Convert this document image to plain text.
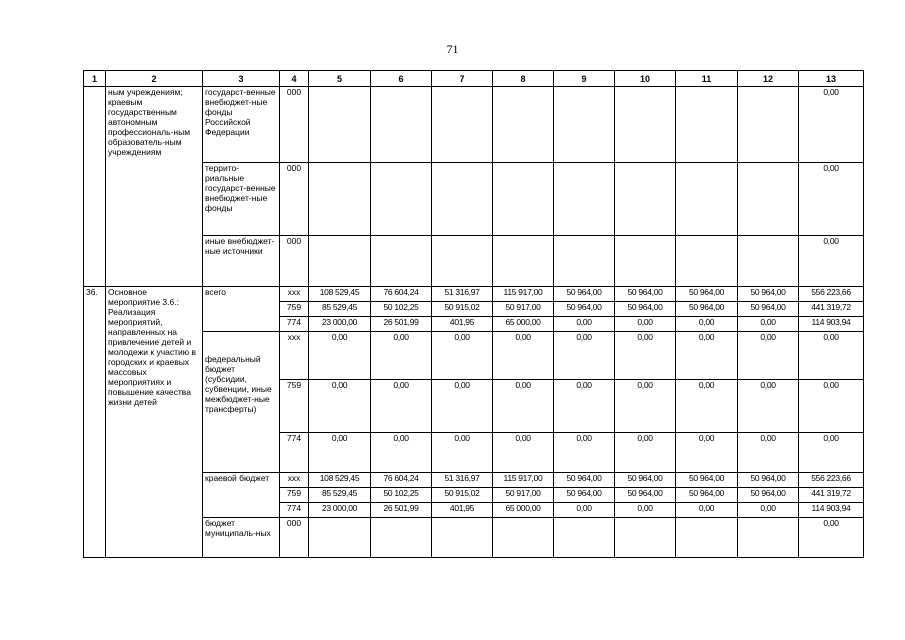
71
1	2	3	4	5	6	7	8	9	10	11	12	13
	ным учреждениям; краевым государственным автономным профессиональ-ным образователь-ным учреждениям	государст-венные внебюджет-ные фонды Российской Федерации	000									0,00
		террито-риальные государст-венные внебюджет-ные фонды	000									0,00
		иные внебюджет-ные источники	000									0,00
36.	Основное мероприятие 3.6.: Реализация мероприятий, направленных на привлечение детей и молодежи к участию в городских и краевых массовых мероприятиях и повышение качества жизни детей	всего	ххх	108 529,45	76 604,24	51 316,97	115 917,00	50 964,00	50 964,00	50 964,00	50 964,00	556 223,66
			759	85 529,45	50 102,25	50 915,02	50 917,00	50 964,00	50 964,00	50 964,00	50 964,00	441 319,72
			774	23 000,00	26 501,99	401,95	65 000,00	0,00	0,00	0,00	0,00	114 903,94
		федеральный бюджет (субсидии, субвенции, иные межбюджет-ные трансферты)	ххх	0,00	0,00	0,00	0,00	0,00	0,00	0,00	0,00	0,00
			759	0,00	0,00	0,00	0,00	0,00	0,00	0,00	0,00	0,00
			774	0,00	0,00	0,00	0,00	0,00	0,00	0,00	0,00	0,00
		краевой бюджет	ххх	108 529,45	76 604,24	51 316,97	115 917,00	50 964,00	50 964,00	50 964,00	50 964,00	556 223,66
			759	85 529,45	50 102,25	50 915,02	50 917,00	50 964,00	50 964,00	50 964,00	50 964,00	441 319,72
			774	23 000,00	26 501,99	401,95	65 000,00	0,00	0,00	0,00	0,00	114 903,94
		бюджет муниципаль-ных	000									0,00
